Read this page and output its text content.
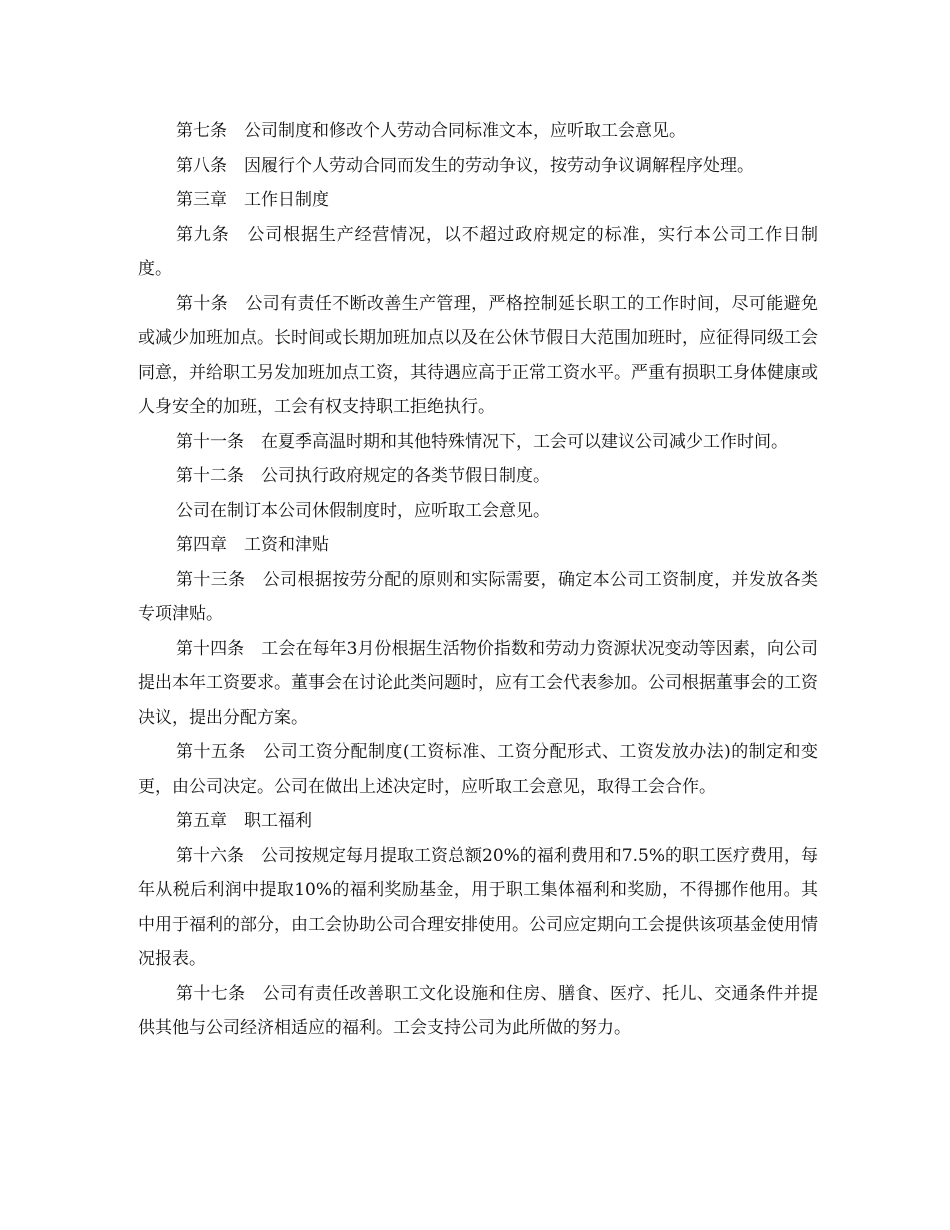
第七条　公司制度和修改个人劳动合同标准文本，应听取工会意见。

第八条　因履行个人劳动合同而发生的劳动争议，按劳动争议调解程序处理。

第三章　工作日制度

第九条　公司根据生产经营情况，以不超过政府规定的标准，实行本公司工作日制度。

第十条　公司有责任不断改善生产管理，严格控制延长职工的工作时间，尽可能避免或减少加班加点。长时间或长期加班加点以及在公休节假日大范围加班时，应征得同级工会同意，并给职工另发加班加点工资，其待遇应高于正常工资水平。严重有损职工身体健康或人身安全的加班，工会有权支持职工拒绝执行。

第十一条　在夏季高温时期和其他特殊情况下，工会可以建议公司减少工作时间。

第十二条　公司执行政府规定的各类节假日制度。

公司在制订本公司休假制度时，应听取工会意见。

第四章　工资和津贴

第十三条　公司根据按劳分配的原则和实际需要，确定本公司工资制度，并发放各类专项津贴。

第十四条　工会在每年3月份根据生活物价指数和劳动力资源状况变动等因素，向公司提出本年工资要求。董事会在讨论此类问题时，应有工会代表参加。公司根据董事会的工资决议，提出分配方案。

第十五条　公司工资分配制度(工资标准、工资分配形式、工资发放办法)的制定和变更，由公司决定。公司在做出上述决定时，应听取工会意见，取得工会合作。

第五章　职工福利

第十六条　公司按规定每月提取工资总额20%的福利费用和7.5%的职工医疗费用，每年从税后利润中提取10%的福利奖励基金，用于职工集体福利和奖励，不得挪作他用。其中用于福利的部分，由工会协助公司合理安排使用。公司应定期向工会提供该项基金使用情况报表。

第十七条　公司有责任改善职工文化设施和住房、膳食、医疗、托儿、交通条件并提供其他与公司经济相适应的福利。工会支持公司为此所做的努力。
